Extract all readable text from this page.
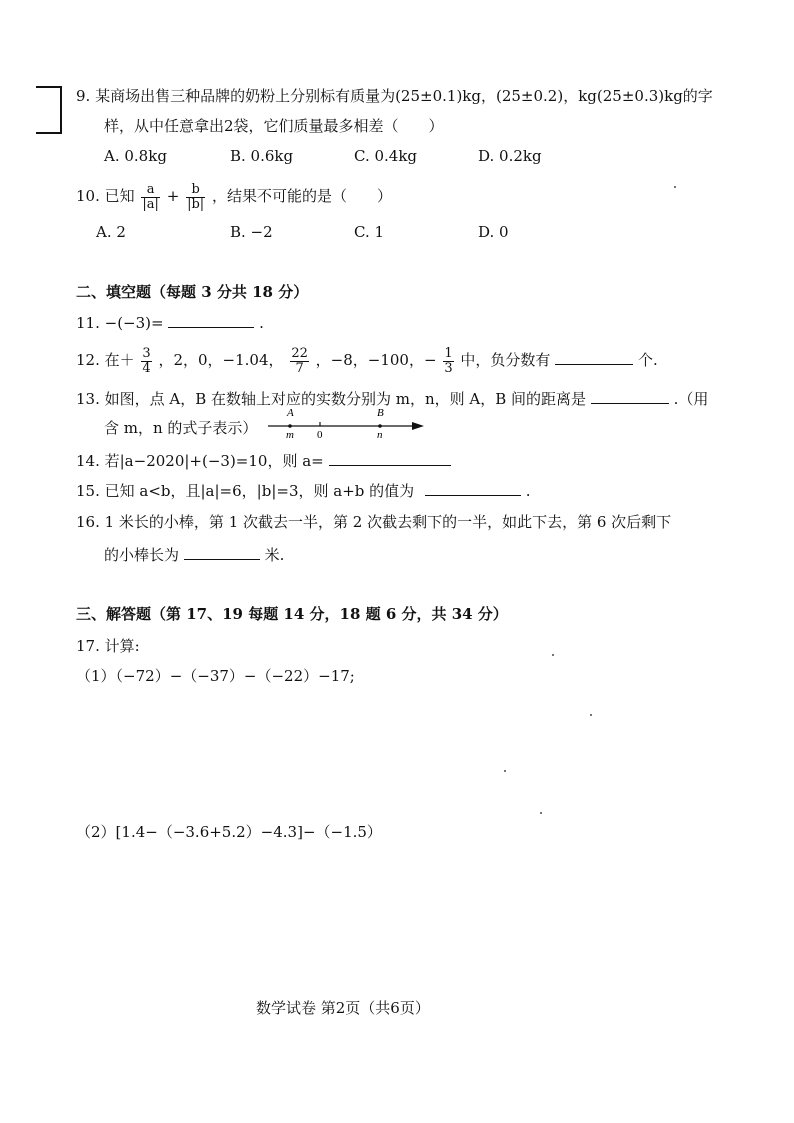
9. 某商场出售三种品牌的奶粉上分别标有质量为(25±0.1)kg，(25±0.2)，kg(25±0.3)kg的字
样，从中任意拿出2袋，它们质量最多相差（　　）
A. 0.8kg	B. 0.6kg	C. 0.4kg	D. 0.2kg
10. 已知 $\frac{a}{|a|} + \frac{b}{|b|}$ ，结果不可能的是（　　）
A. 2	B. −2	C. 1	D. 0
二、填空题（每题 3 分共 18 分）
11. −(−3)=	.
12. 在＋ $\frac{3}{4}$ ，2，0，−1.04， $\frac{22}{7}$ ，−8，−100，− $\frac{1}{3}$ 中，负分数有	个.
13. 如图，点 A，B 在数轴上对应的实数分别为 m，n，则 A，B 间的距离是	.（用
含 m，n 的式子表示）
A	B
m 0	n
14. 若|a−2020|+(−3)=10，则 a=
15. 已知 a<b，且|a|=6，|b|=3，则 a+b 的值为	.
16. 1 米长的小棒，第 1 次截去一半，第 2 次截去剩下的一半，如此下去，第 6 次后剩下
的小棒长为	米.
三、解答题（第 17、19 每题 14 分，18 题 6 分，共 34 分）
17. 计算:
（1）（−72）−（−37）−（−22）−17;
（2）[1.4−（−3.6+5.2）−4.3]−（−1.5）
数学试卷 第2页（共6页）
